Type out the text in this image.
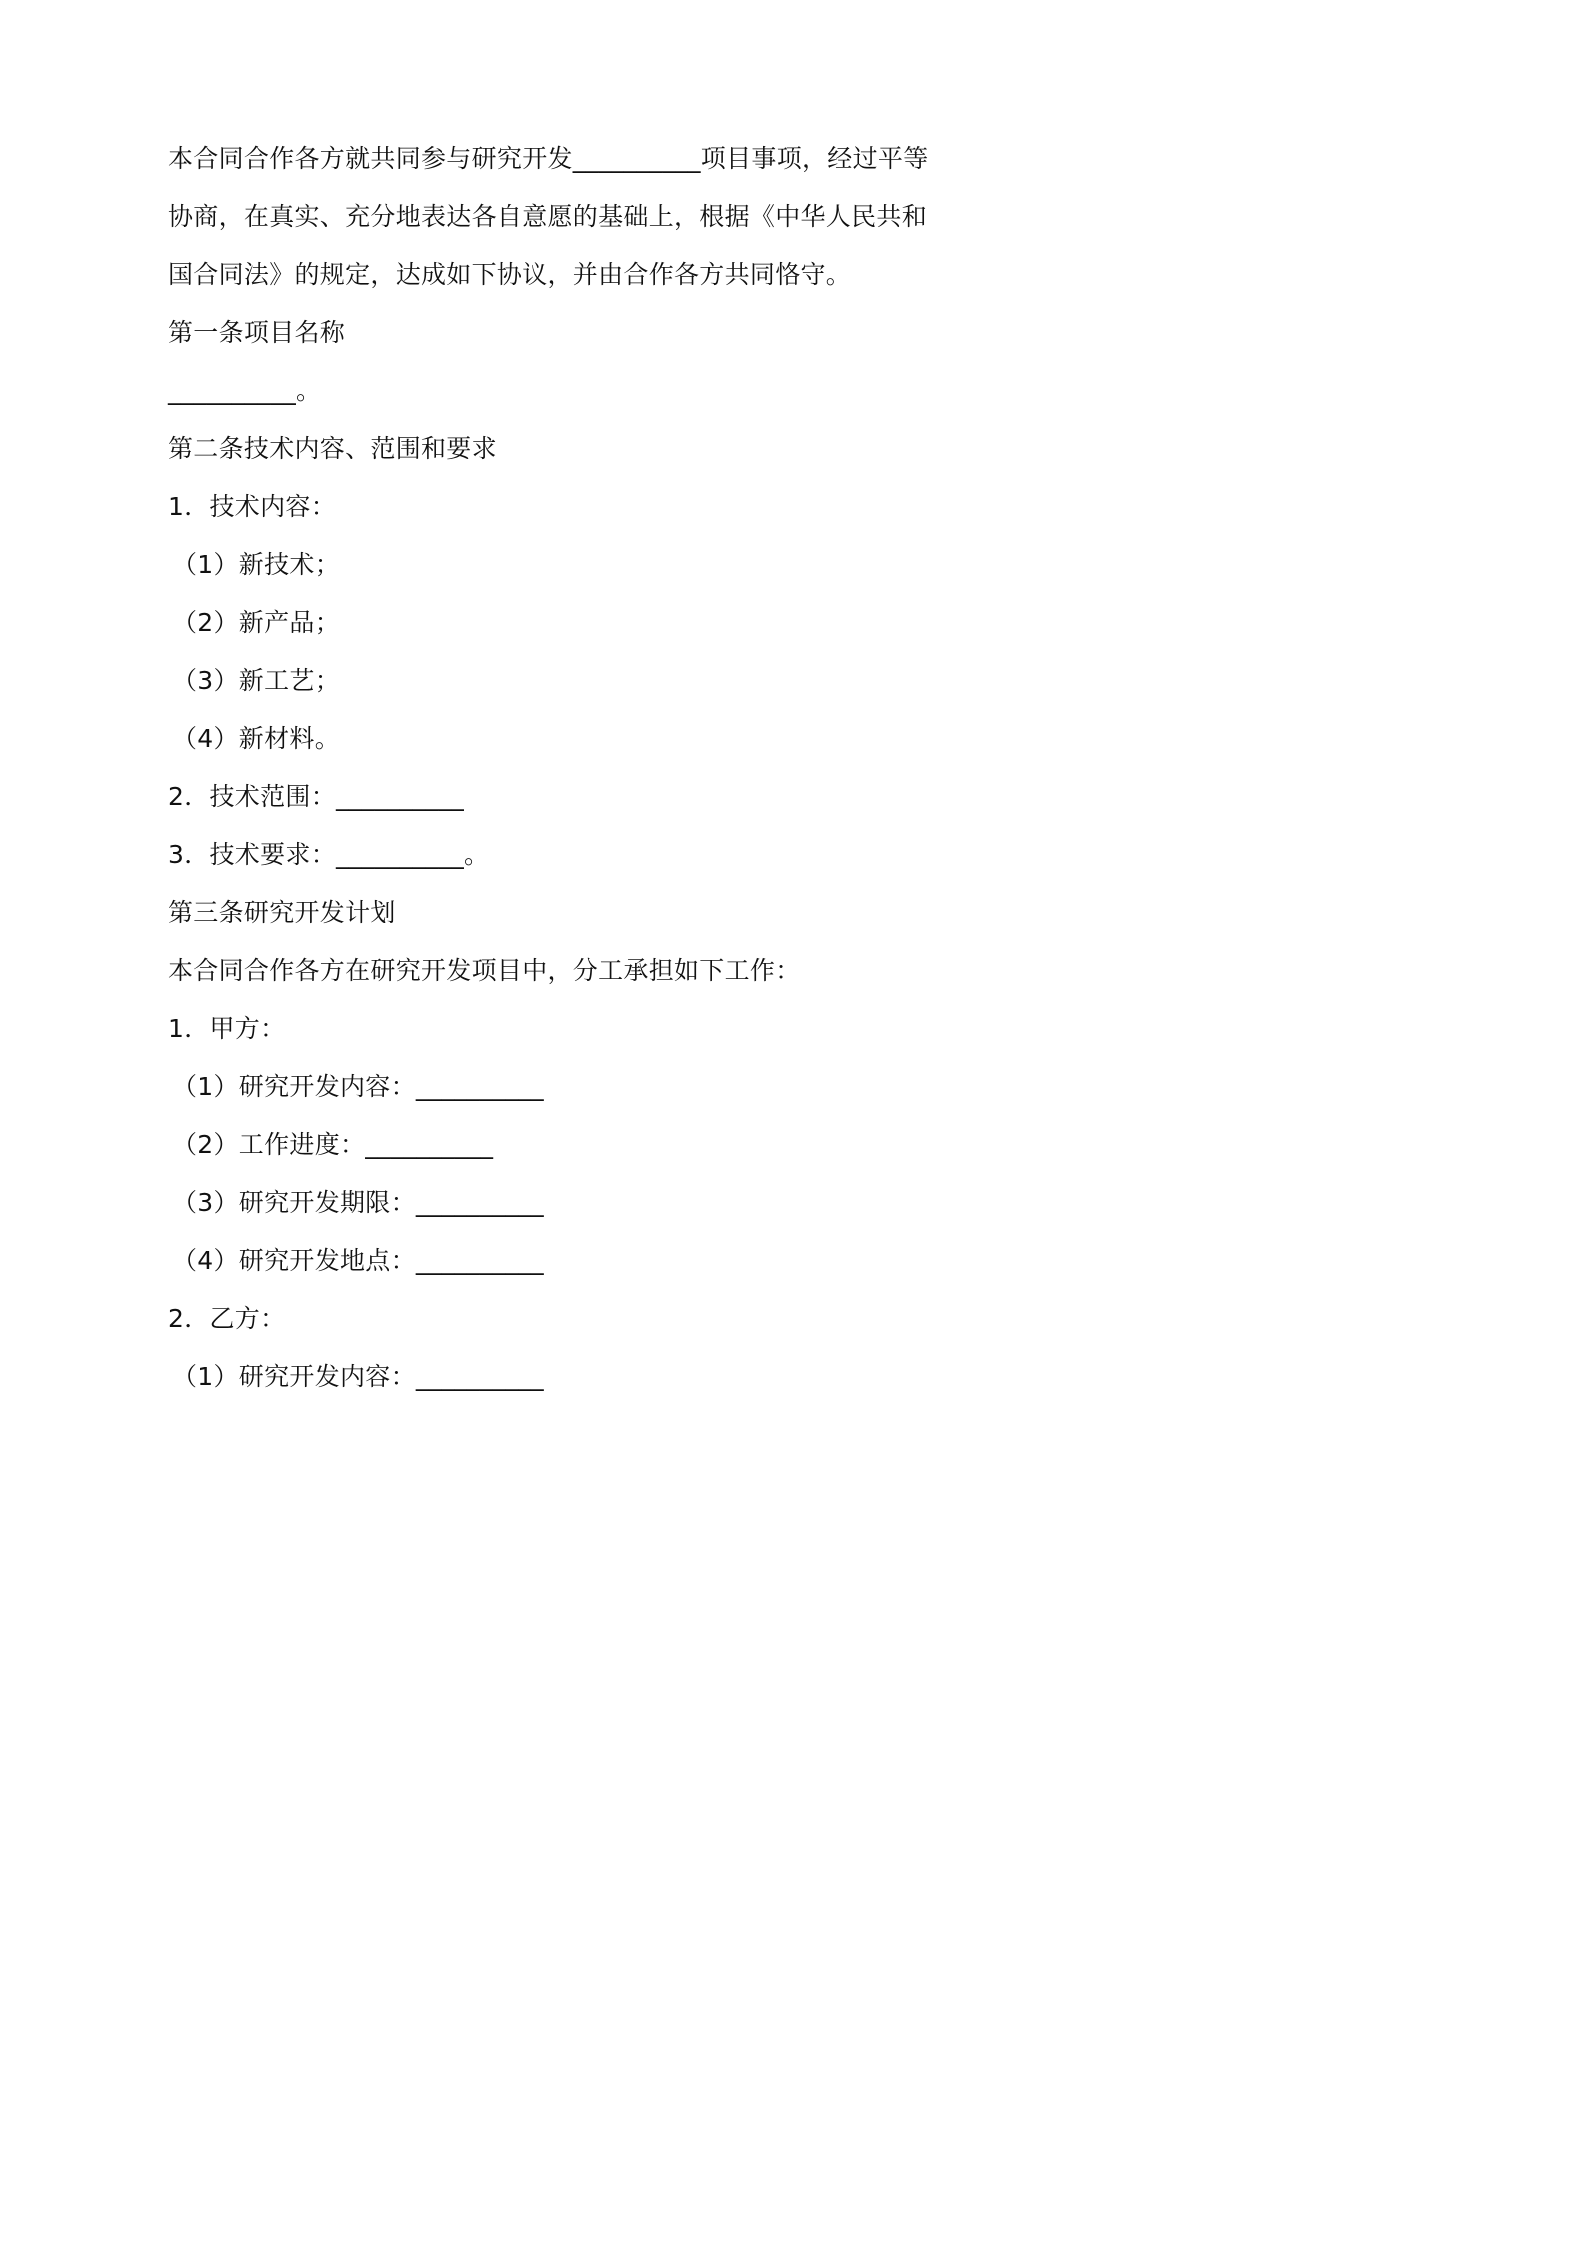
本合同合作各方就共同参与研究开发__________项目事项，经过平等
协商，在真实、充分地表达各自意愿的基础上，根据《中华人民共和
国合同法》的规定，达成如下协议，并由合作各方共同恪守。
第一条项目名称
__________。
第二条技术内容、范围和要求
1．技术内容：
（1）新技术；
（2）新产品；
（3）新工艺；
（4）新材料。
2．技术范围：__________
3．技术要求：__________。
第三条研究开发计划
本合同合作各方在研究开发项目中，分工承担如下工作：
1．甲方：
（1）研究开发内容：__________
（2）工作进度：__________
（3）研究开发期限：__________
（4）研究开发地点：__________
2．乙方：
（1）研究开发内容：__________
